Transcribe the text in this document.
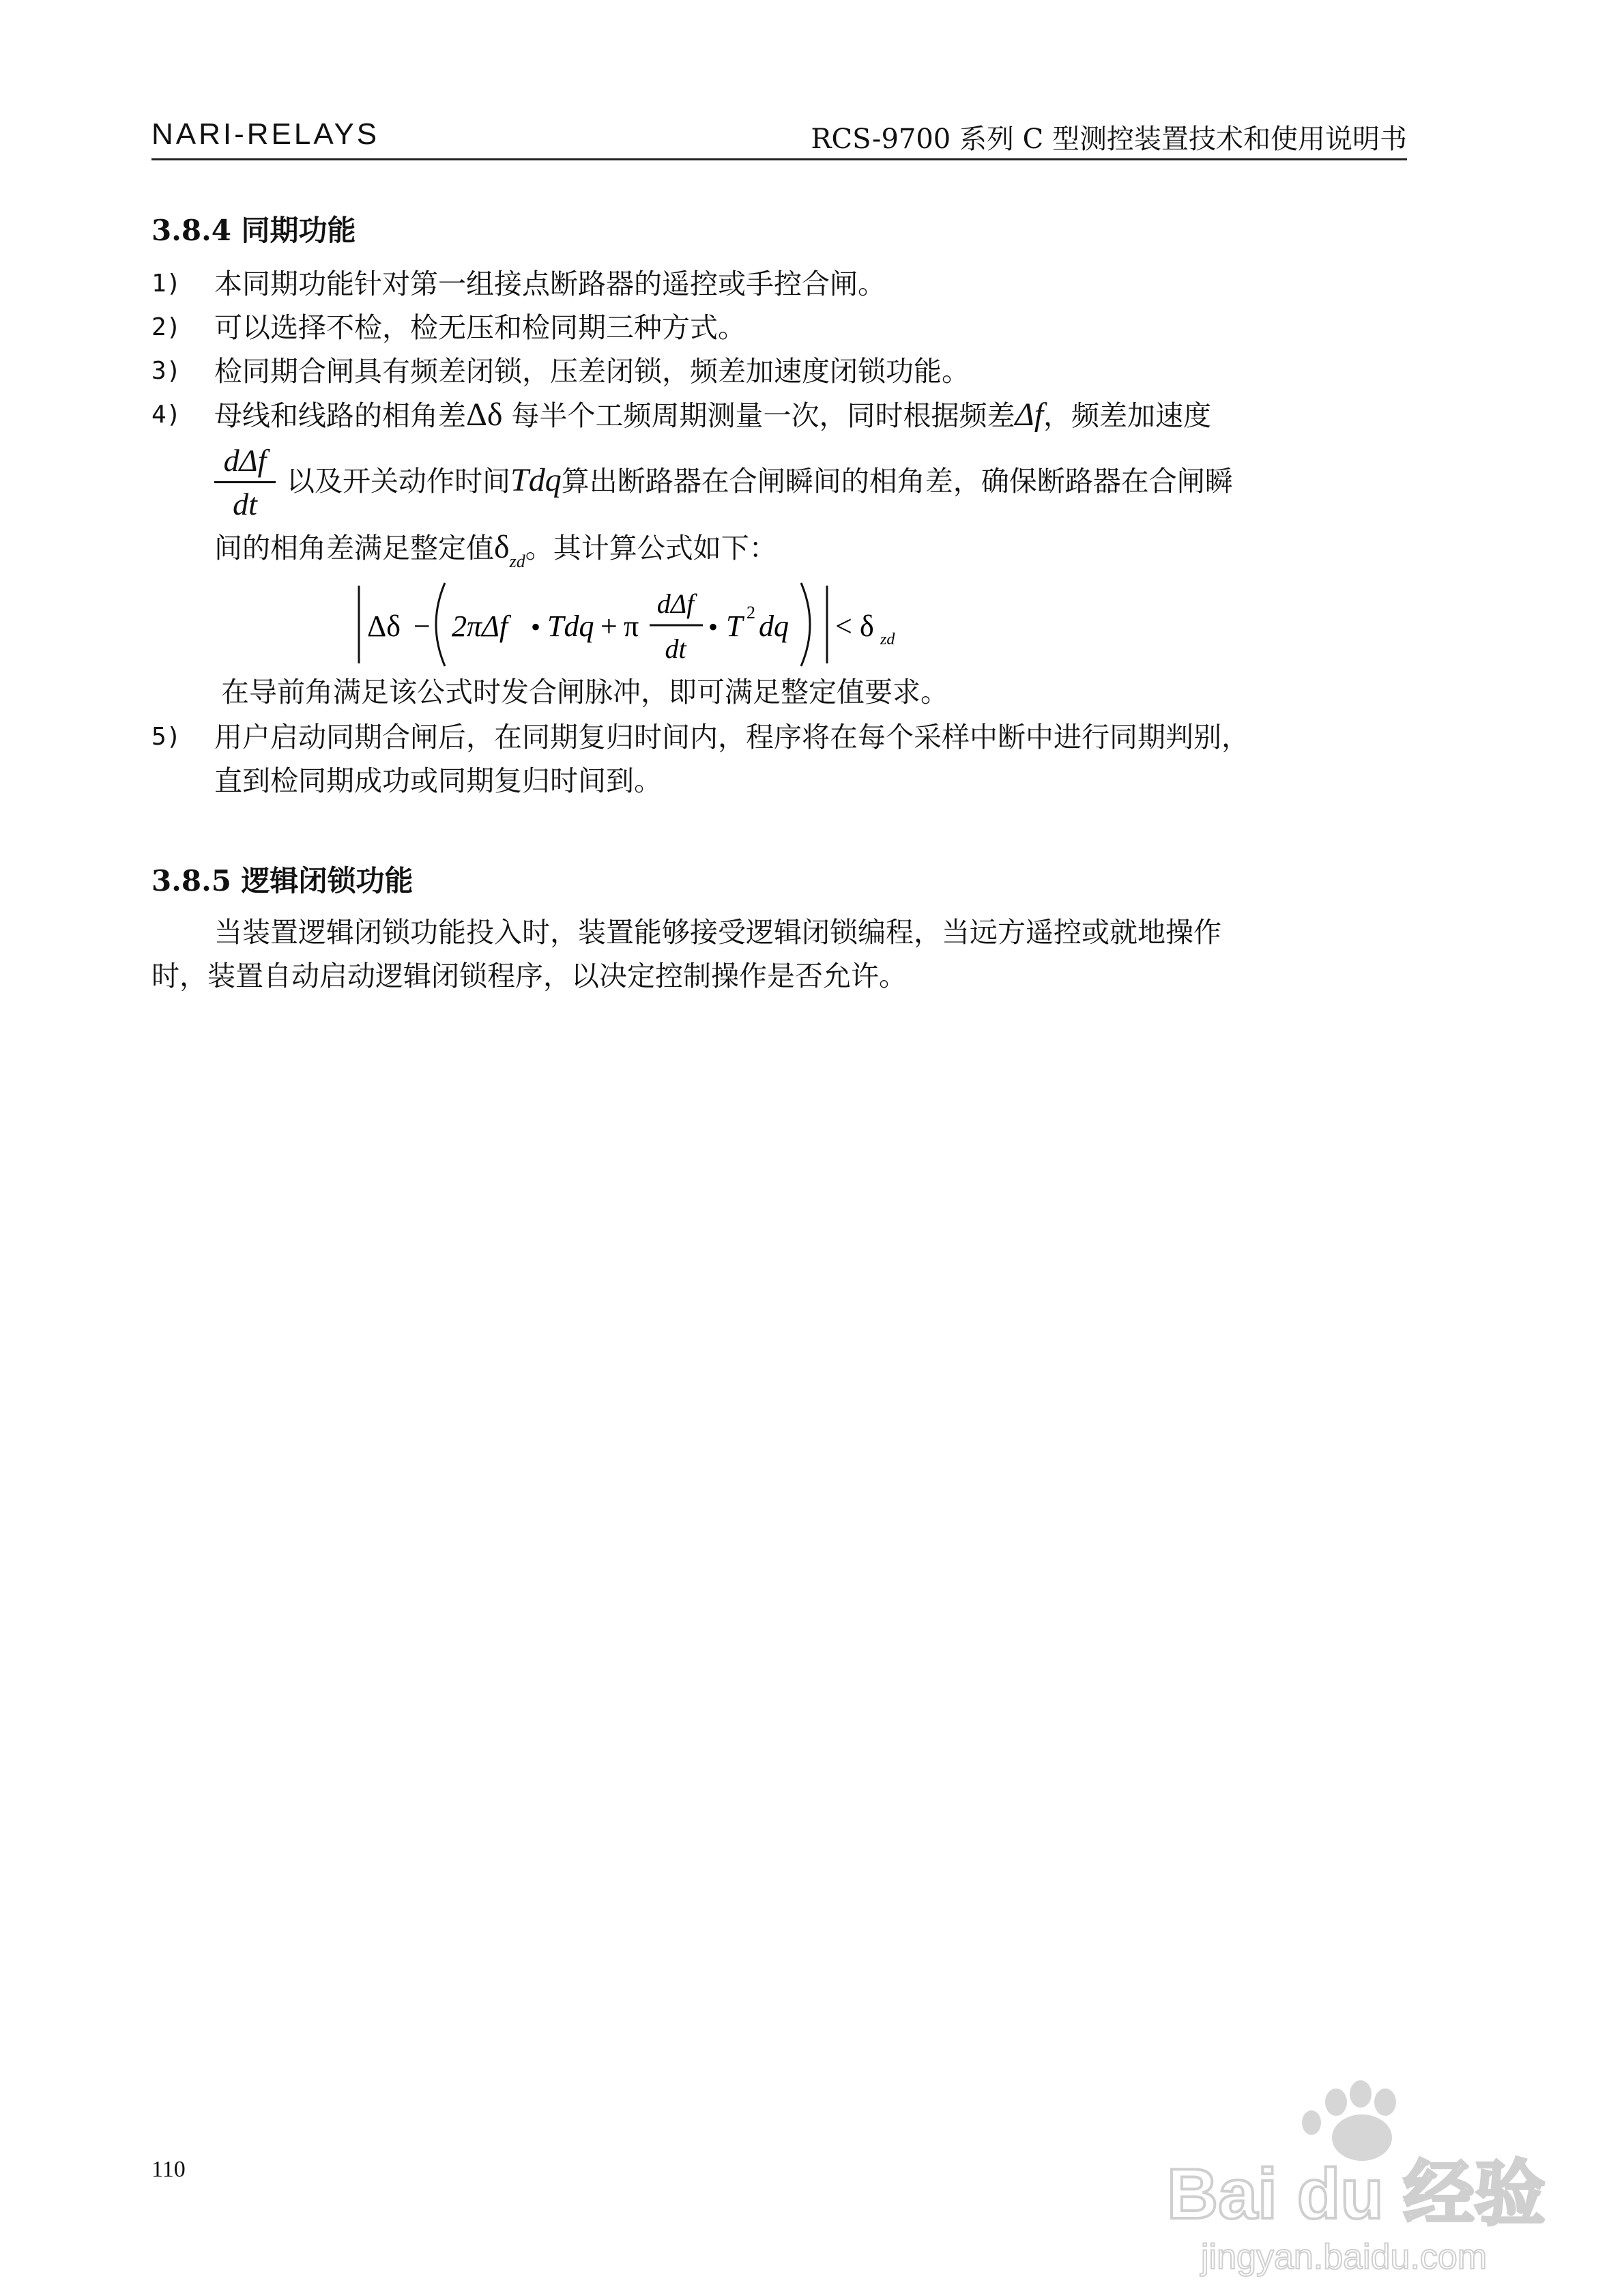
NARI-RELAYS	RCS-9700 系列 C 型测控装置技术和使用说明书
3.8.4 同期功能
1)	本同期功能针对第一组接点断路器的遥控或手控合闸。
2)	可以选择不检，检无压和检同期三种方式。
3)	检同期合闸具有频差闭锁，压差闭锁，频差加速度闭锁功能。
4)	母线和线路的相角差Δδ 每半个工频周期测量一次，同时根据频差Δf，频差加速度
dΔf
dt
以及开关动作时间Tdq算出断路器在合闸瞬间的相角差，确保断路器在合闸瞬
间的相角差满足整定值$\delta_{zd}$。其计算公式如下：
Δδ − 2πΔf • Tdq + π
dΔf
dt
• T 2 dq < δ zd
在导前角满足该公式时发合闸脉冲，即可满足整定值要求。
5)	用户启动同期合闸后，在同期复归时间内，程序将在每个采样中断中进行同期判别，
直到检同期成功或同期复归时间到。
3.8.5 逻辑闭锁功能
当装置逻辑闭锁功能投入时，装置能够接受逻辑闭锁编程，当远方遥控或就地操作
时，装置自动启动逻辑闭锁程序，以决定控制操作是否允许。
Bai du 经验
jingyan.baidu.com
110
